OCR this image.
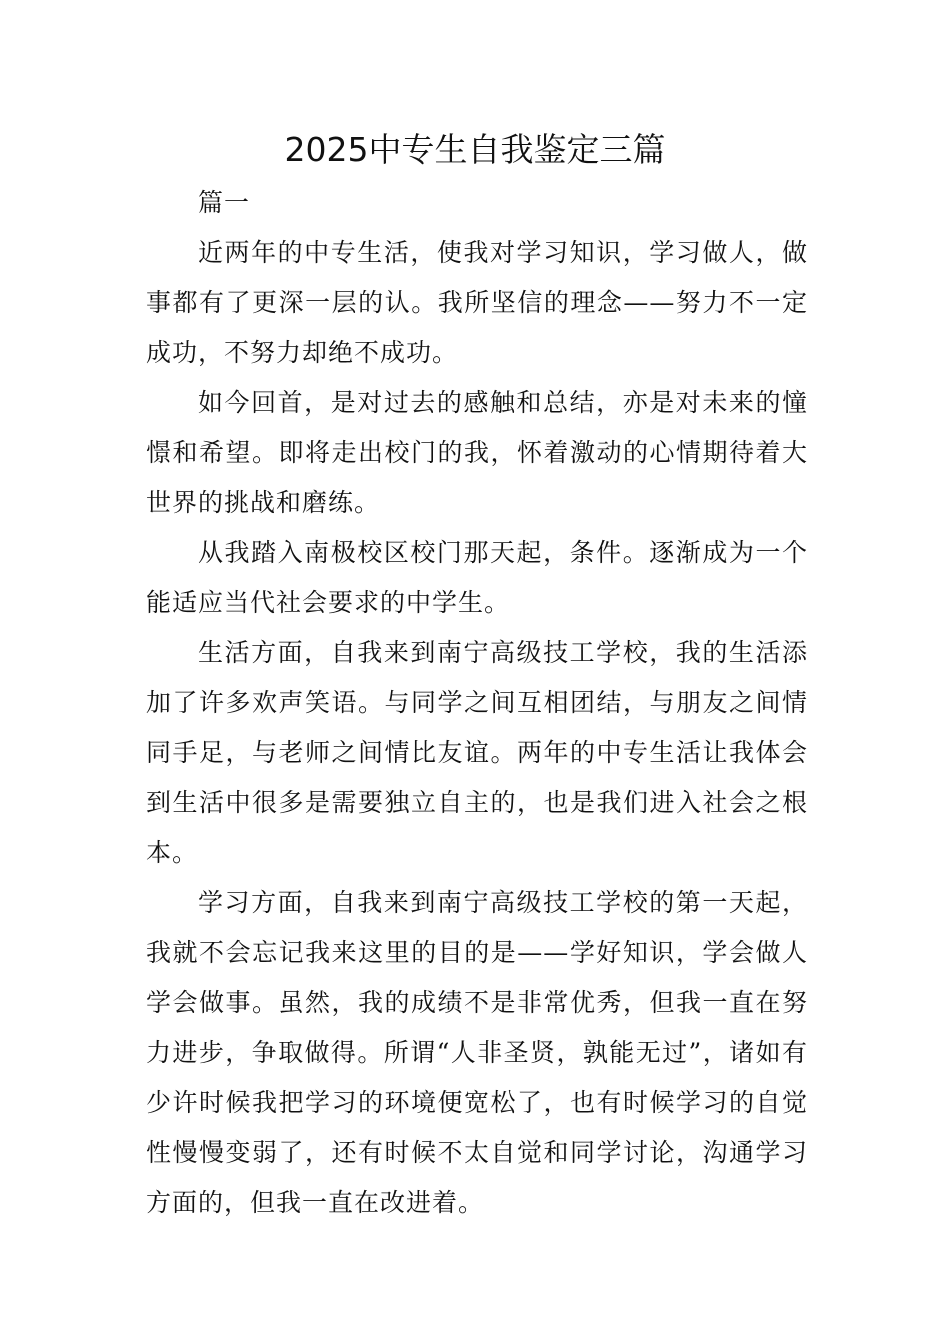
2025中专生自我鉴定三篇

篇一

近两年的中专生活，使我对学习知识，学习做人，做事都有了更深一层的认。我所坚信的理念——努力不一定成功，不努力却绝不成功。

如今回首，是对过去的感触和总结，亦是对未来的憧憬和希望。即将走出校门的我，怀着激动的心情期待着大世界的挑战和磨练。

从我踏入南极校区校门那天起，条件。逐渐成为一个能适应当代社会要求的中学生。

生活方面，自我来到南宁高级技工学校，我的生活添加了许多欢声笑语。与同学之间互相团结，与朋友之间情同手足，与老师之间情比友谊。两年的中专生活让我体会到生活中很多是需要独立自主的，也是我们进入社会之根本。

学习方面，自我来到南宁高级技工学校的第一天起，我就不会忘记我来这里的目的是——学好知识，学会做人学会做事。虽然，我的成绩不是非常优秀，但我一直在努力进步，争取做得。所谓“人非圣贤，孰能无过”，诸如有少许时候我把学习的环境便宽松了，也有时候学习的自觉性慢慢变弱了，还有时候不太自觉和同学讨论，沟通学习方面的，但我一直在改进着。
